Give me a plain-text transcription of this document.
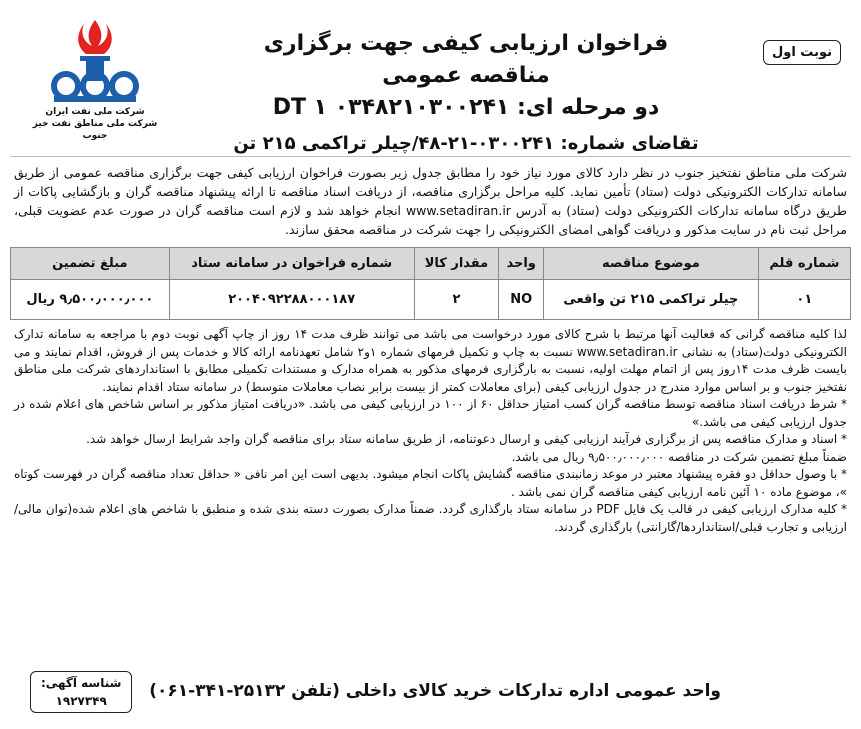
نوبت اول
فراخوان ارزیابی کیفی جهت برگزاری مناقصه عمومی
دو مرحله ای: DT ۱ ۰۳۴۸۲۱۰۳۰۰۲۴۱
تقاضای شماره: ۰۳۰۰۲۴۱-۲۱-۴۸/چیلر تراکمی ۲۱۵ تن
شرکت ملی نفت ایران
شرکت ملی مناطق نفت خیز جنوب
شرکت ملی مناطق نفتخیز جنوب در نظر دارد کالای مورد نیاز خود را مطابق جدول زیر بصورت فراخوان ارزیابی کیفی جهت برگزاری مناقصه عمومی از طریق سامانه تدارکات الکترونیکی دولت (ستاد) تأمین نماید. کلیه مراحل برگزاری مناقصه، از دریافت اسناد مناقصه تا ارائه پیشنهاد مناقصه گران و بازگشایی پاکات از طریق درگاه سامانه تدارکات الکترونیکی دولت (ستاد) به آدرس www.setadiran.ir انجام خواهد شد و لازم است مناقصه گران در صورت عدم عضویت قبلی، مراحل ثبت نام در سایت مذکور و دریافت گواهی امضای الکترونیکی را جهت شرکت در مناقصه محقق سازند.
شماره قلم	موضوع مناقصه	واحد	مقدار کالا	شماره فراخوان در سامانه ستاد	مبلغ تضمین
۰۱	چیلر تراکمی ۲۱۵ تن واقعی	NO	۲	۲۰۰۴۰۹۲۲۸۸۰۰۰۱۸۷	۹٫۵۰۰٫۰۰۰٫۰۰۰ ریال

لذا کلیه مناقصه گرانی که فعالیت آنها مرتبط با شرح کالای مورد درخواست می باشد می توانند ظرف مدت ۱۴ روز از چاپ آگهی نوبت دوم با مراجعه به سامانه تدارک الکترونیکی دولت(ستاد) به نشانی www.setadiran.ir نسبت به چاپ و تکمیل فرمهای شماره ۱و۲ شامل تعهدنامه ارائه کالا و خدمات پس از فروش، اقدام نمایند و می بایست ظرف مدت ۱۴روز پس از اتمام مهلت اولیه، نسبت به بارگزاری فرمهای مذکور به همراه مدارک و مستندات تکمیلی مطابق با استانداردهای شرکت ملی مناطق نفتخیز جنوب و بر اساس موارد مندرج در جدول ارزیابی کیفی (برای معاملات کمتر از بیست برابر نصاب معاملات متوسط) در سامانه ستاد اقدام نمایند.

* شرط دریافت اسناد مناقصه توسط مناقصه گران کسب امتیاز حداقل ۶۰ از ۱۰۰ در ارزیابی کیفی می باشد. «دریافت امتیاز مذکور بر اساس شاخص های اعلام شده در جدول ارزیابی کیفی می باشد.»

* اسناد و مدارک مناقصه پس از برگزاری فرآیند ارزیابی کیفی و ارسال دعوتنامه، از طریق سامانه ستاد برای مناقصه گران واجد شرایط ارسال خواهد شد.

ضمناً مبلغ تضمین شرکت در مناقصه ۹٫۵۰۰٫۰۰۰٫۰۰۰ ریال می باشد.

* با وصول حداقل دو فقره پیشنهاد معتبر در موعد زمانبندی مناقصه گشایش پاکات انجام میشود. بدیهی است این امر نافی « حداقل تعداد مناقصه گران در فهرست کوتاه »، موضوع ماده ۱۰ آئین نامه ارزیابی کیفی مناقصه گران نمی باشد .

* کلیه مدارک ارزیابی کیفی در قالب یک فایل PDF در سامانه ستاد بارگذاری گردد. ضمناً مدارک بصورت دسته بندی شده و منطبق با شاخص های اعلام شده(توان مالی/ارزیابی و تجارب قبلی/استانداردها/گارانتی) بارگذاری گردند.

واحد عمومی اداره تدارکات خرید کالای داخلی (تلفن ۲۵۱۳۲-۳۴۱-۰۶۱)
شناسه آگهی:
۱۹۲۷۳۴۹
